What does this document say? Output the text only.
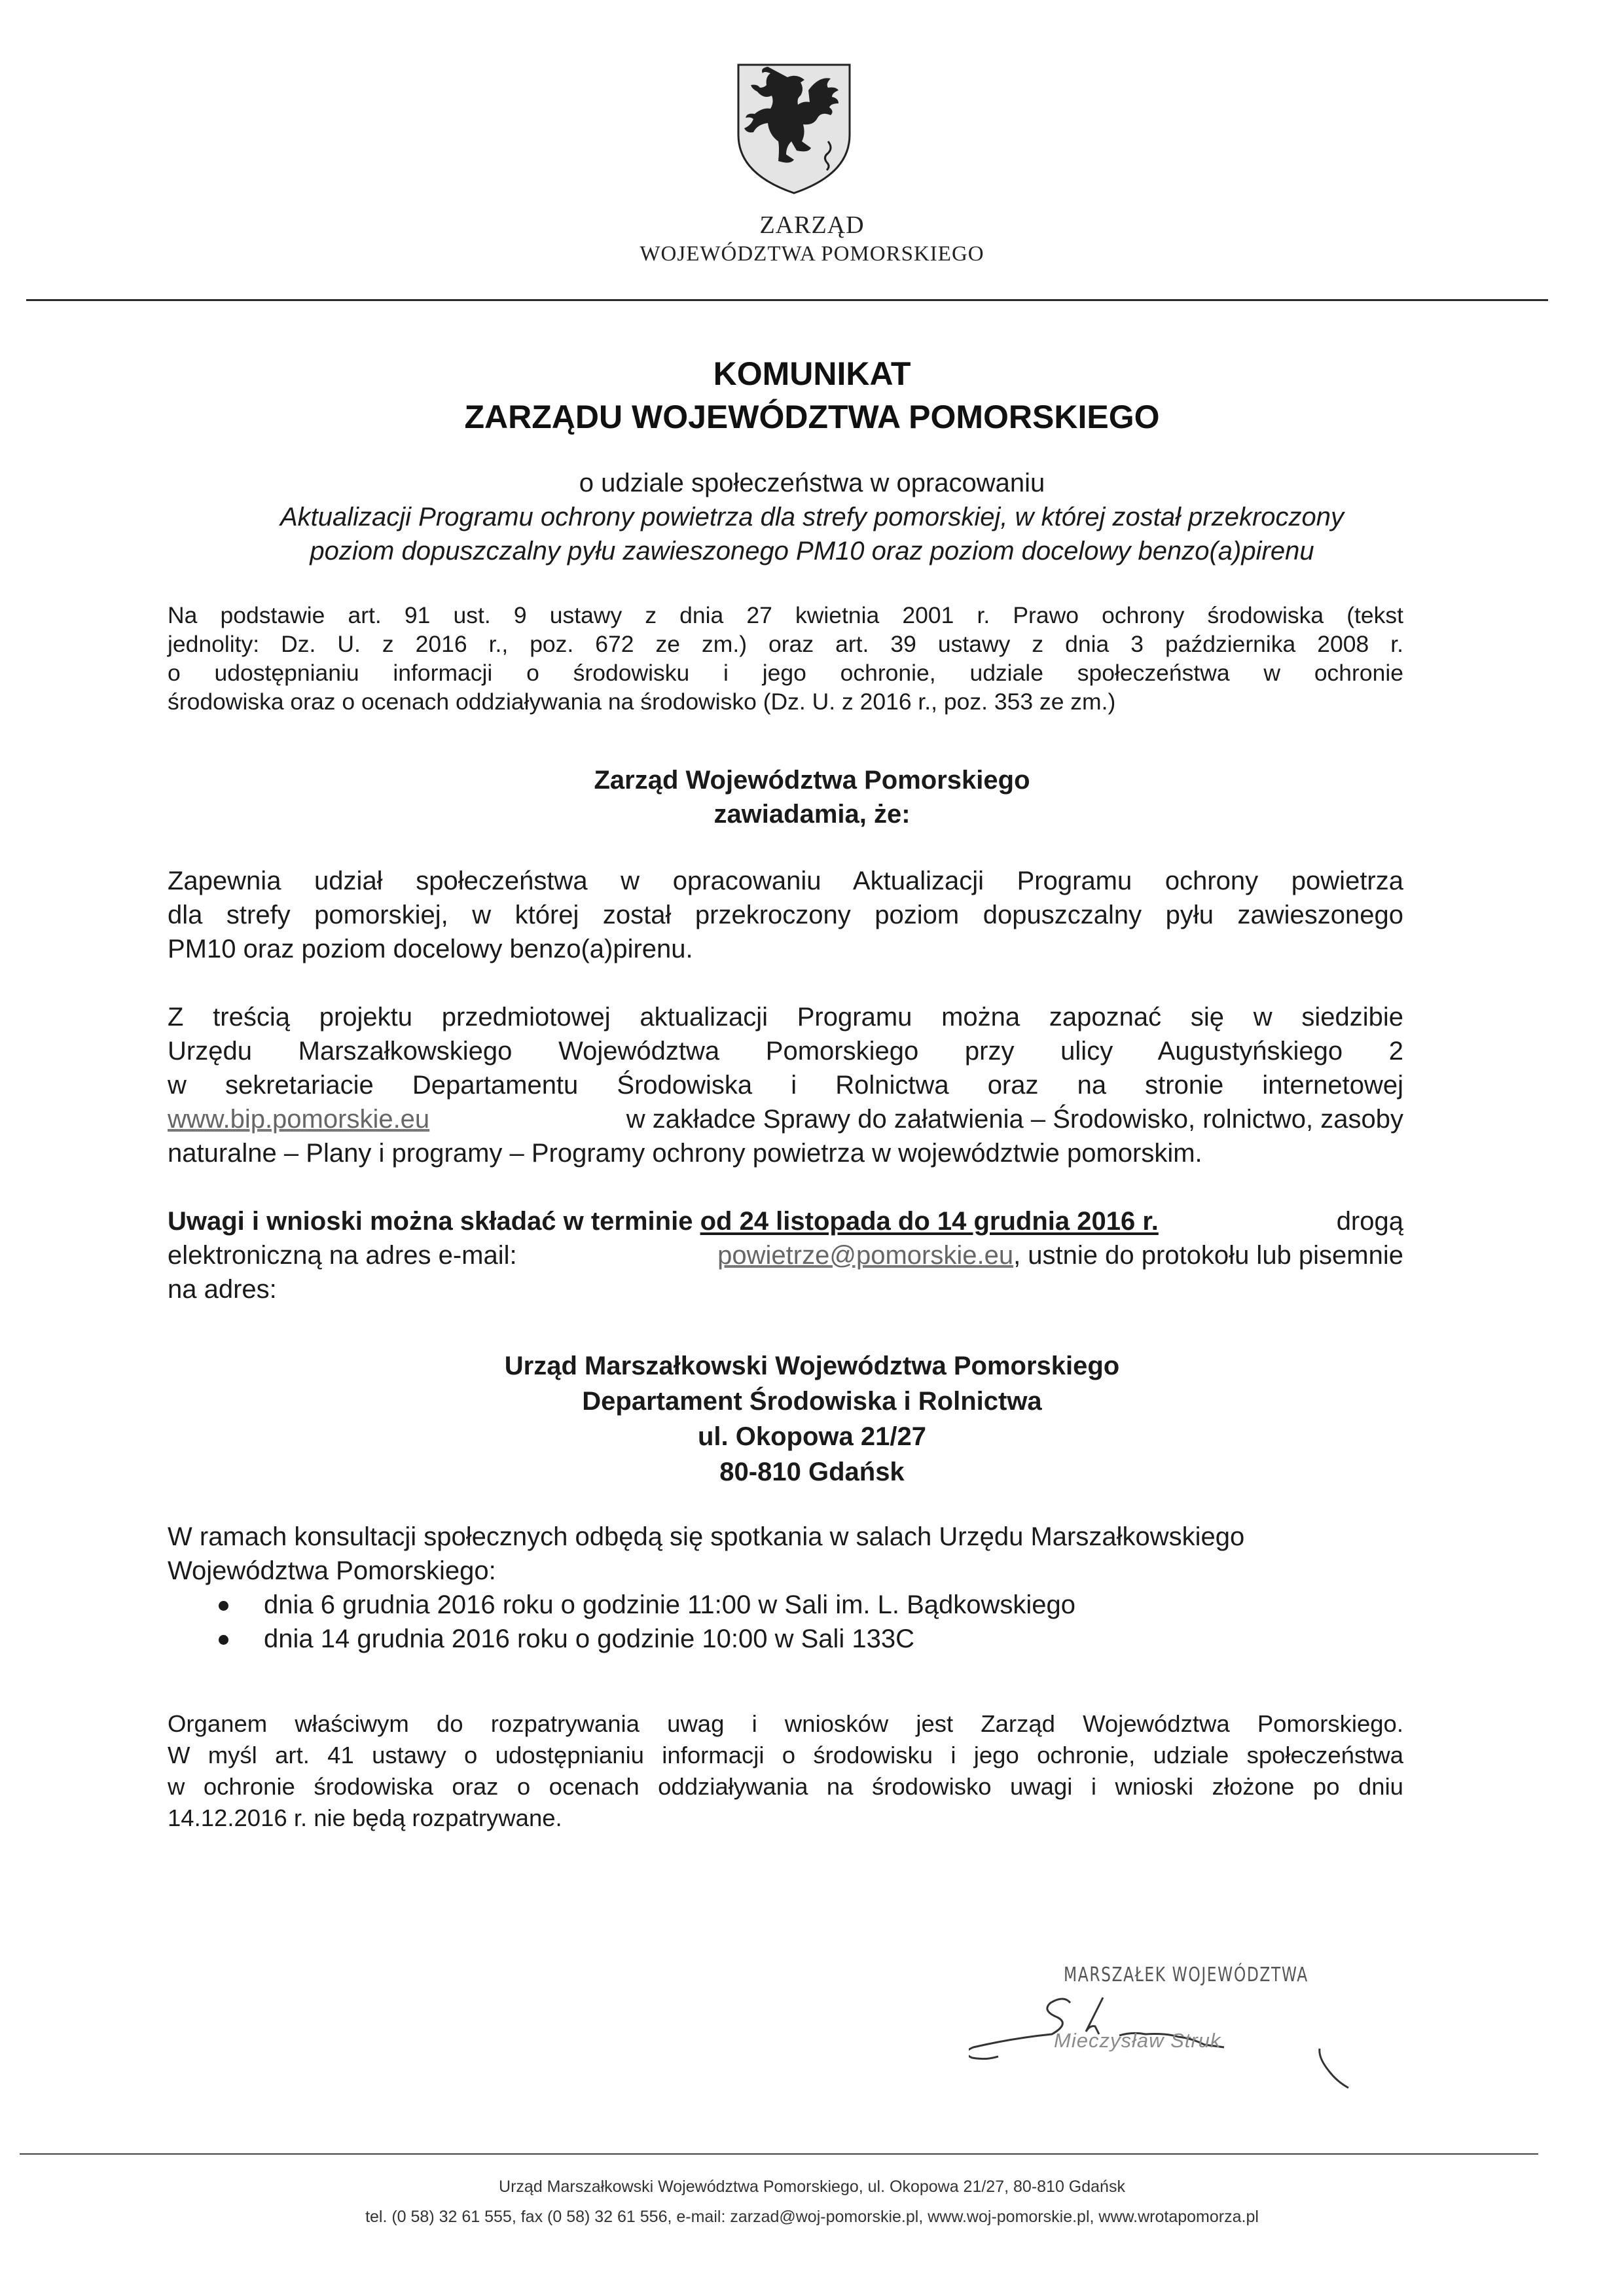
ZARZĄD
WOJEWÓDZTWA POMORSKIEGO
KOMUNIKAT
ZARZĄDU WOJEWÓDZTWA POMORSKIEGO
o udziale społeczeństwa w opracowaniu
Aktualizacji Programu ochrony powietrza dla strefy pomorskiej, w której został przekroczony
poziom dopuszczalny pyłu zawieszonego PM10 oraz poziom docelowy benzo(a)pirenu
Na podstawie art. 91 ust. 9 ustawy z dnia 27 kwietnia 2001 r. Prawo ochrony środowiska (tekst
jednolity: Dz. U. z 2016 r., poz. 672 ze zm.) oraz art. 39 ustawy z dnia 3 października 2008 r.
o udostępnianiu informacji o środowisku i jego ochronie, udziale społeczeństwa w ochronie
środowiska oraz o ocenach oddziaływania na środowisko (Dz. U. z 2016 r., poz. 353 ze zm.)
Zarząd Województwa Pomorskiego
zawiadamia, że:
Zapewnia udział społeczeństwa w opracowaniu Aktualizacji Programu ochrony powietrza
dla strefy pomorskiej, w której został przekroczony poziom dopuszczalny pyłu zawieszonego
PM10 oraz poziom docelowy benzo(a)pirenu.
Z treścią projektu przedmiotowej aktualizacji Programu można zapoznać się w siedzibie
Urzędu Marszałkowskiego Województwa Pomorskiego przy ulicy Augustyńskiego 2
w sekretariacie Departamentu Środowiska i Rolnictwa oraz na stronie internetowej
www.bip.pomorskie.eu	w zakładce Sprawy do załatwienia – Środowisko, rolnictwo, zasoby
naturalne – Plany i programy – Programy ochrony powietrza w województwie pomorskim.
Uwagi i wnioski można składać w terminie od 24 listopada do 14 grudnia 2016 r.	drogą
elektroniczną na adres e-mail:	powietrze@pomorskie.eu, ustnie do protokołu lub pisemnie
na adres:
Urząd Marszałkowski Województwa Pomorskiego
Departament Środowiska i Rolnictwa
ul. Okopowa 21/27
80-810 Gdańsk
W ramach konsultacji społecznych odbędą się spotkania w salach Urzędu Marszałkowskiego
Województwa Pomorskiego:
dnia 6 grudnia 2016 roku o godzinie 11:00 w Sali im. L. Bądkowskiego
dnia 14 grudnia 2016 roku o godzinie 10:00 w Sali 133C
Organem właściwym do rozpatrywania uwag i wniosków jest Zarząd Województwa Pomorskiego.
W myśl art. 41 ustawy o udostępnianiu informacji o środowisku i jego ochronie, udziale społeczeństwa
w ochronie środowiska oraz o ocenach oddziaływania na środowisko uwagi i wnioski złożone po dniu
14.12.2016 r. nie będą rozpatrywane.
MARSZAŁEK WOJEWÓDZTWA
Mieczysław Struk
Urząd Marszałkowski Województwa Pomorskiego, ul. Okopowa 21/27, 80-810 Gdańsk
tel. (0 58) 32 61 555, fax (0 58) 32 61 556, e-mail: zarzad@woj-pomorskie.pl, www.woj-pomorskie.pl, www.wrotapomorza.pl
